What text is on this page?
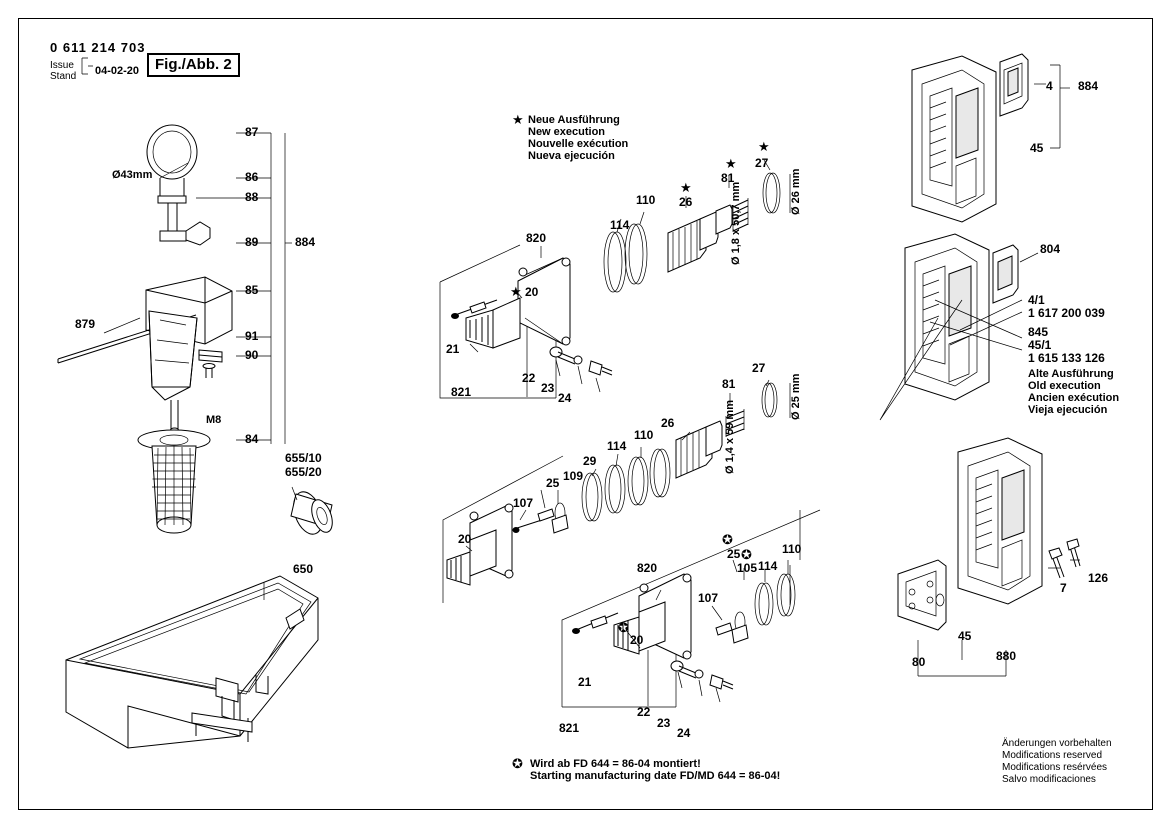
0 611 214 703
Issue
Stand 04-02-20	Fig./Abb. 2
★ Neue Ausführung
New execution
Nouvelle exécution
Nueva ejecución
87
86
88
89
85
91
90
84
884
879
650
Ø43mm
M8
655/10
655/20
820
114
110 26
81
27
20
21
22
23
24
821
Ø 26 mm
Ø 1,8 x 50,7 mm
★
★
★
★
81
27
26
110
114
29
25 109
107
20
Ø 25 mm
Ø 1,4 x 59 mm
820
25
105 114
110
107
20
21
22
23
24
821
✪
✪
✪
✪ Wird ab FD 644 = 86-04 montiert!
Starting manufacturing date FD/MD 644 = 86-04!
4 884
45
804
4/1
1 617 200 039
845
45/1
1 615 133 126
Alte Ausführung
Old execution
Ancien exécution
Vieja ejecución
126
7
45
80	880
Änderungen vorbehalten
Modifications reserved
Modifications resérvées
Salvo modificaciones
